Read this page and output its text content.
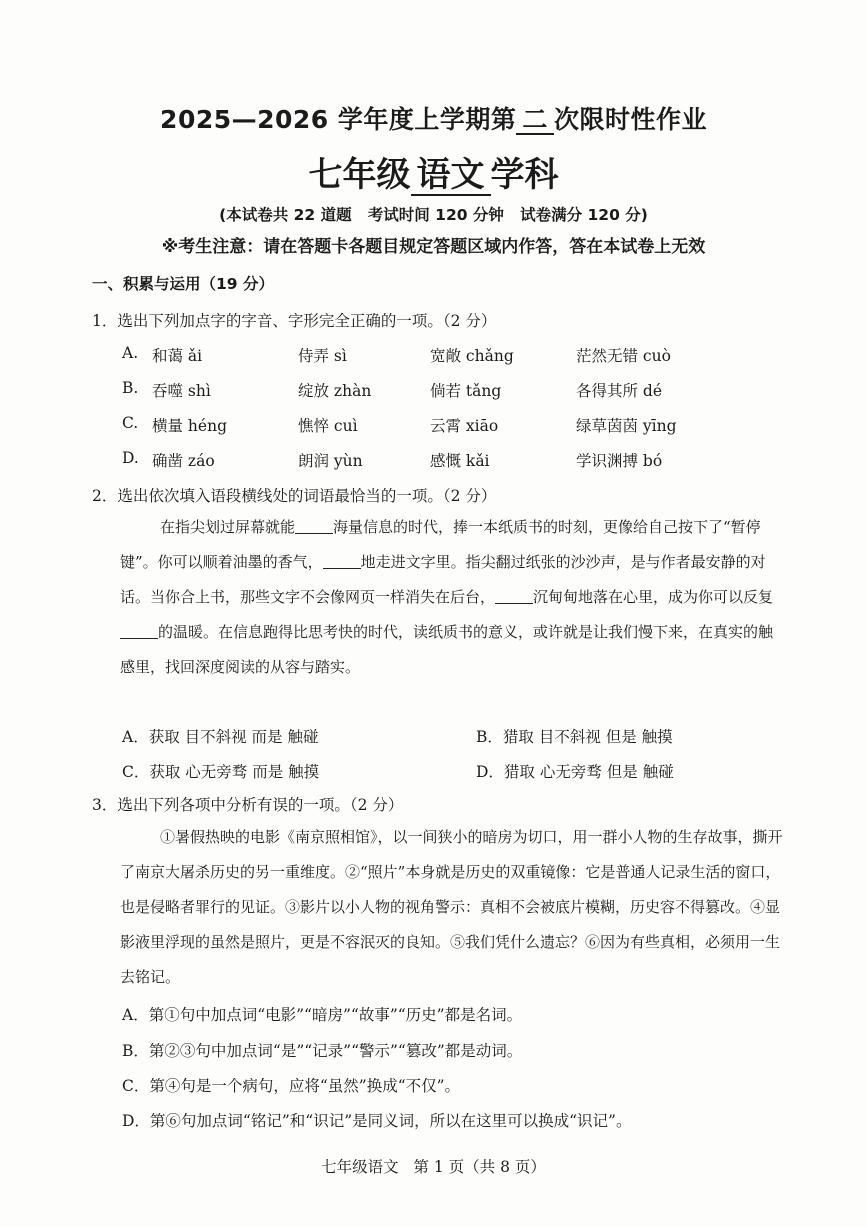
2025—2026 学年度上学期第 二 次限时性作业
七年级 语文 学科
(本试卷共 22 道题   考试时间 120 分钟   试卷满分 120 分)
※考生注意：请在答题卡各题目规定答题区域内作答，答在本试卷上无效
一、积累与运用（19 分）
1．选出下列加点字的字音、字形完全正确的一项。（2 分）
A. 和蔼 ǎi	侍弄 sì	宽敞 chǎng	茫然无错 cuò
B. 吞噬 shì	绽放 zhàn	倘若 tǎng	各得其所 dé
C. 横量 héng	憔悴 cuì	云霄 xiāo	绿草茵茵 yīng
D. 确凿 záo	朗润 yùn	感慨 kǎi	学识渊搏 bó
2．选出依次填入语段横线处的词语最恰当的一项。（2 分）
在指尖划过屏幕就能	海量信息的时代，捧一本纸质书的时刻，更像给自己按下了“暂停键”。你可以顺着油墨的香气，	地走进文字里。指尖翻过纸张的沙沙声，是与作者最安静的对话。当你合上书，那些文字不会像网页一样消失在后台，	沉甸甸地落在心里，成为你可以反复的温暖。在信息跑得比思考快的时代，读纸质书的意义，或许就是让我们慢下来，在真实的触感里，找回深度阅读的从容与踏实。
A．获取 目不斜视 而是 触碰	B．猎取 目不斜视 但是 触摸
C．获取 心无旁骛 而是 触摸	D．猎取 心无旁骛 但是 触碰
3．选出下列各项中分析有误的一项。（2 分）
①暑假热映的电影《南京照相馆》，以一间狭小的暗房为切口，用一群小人物的生存故事，撕开了南京大屠杀历史的另一重维度。②“照片”本身就是历史的双重镜像：它是普通人记录生活的窗口，也是侵略者罪行的见证。③影片以小人物的视角警示：真相不会被底片模糊，历史容不得篡改。④显影液里浮现的虽然是照片，更是不容泯灭的良知。⑤我们凭什么遗忘？⑥因为有些真相，必须用一生去铭记。
A．第①句中加点词“电影”“暗房”“故事”“历史”都是名词。
B．第②③句中加点词“是”“记录”“警示”“篡改”都是动词。
C．第④句是一个病句，应将“虽然”换成“不仅”。
D．第⑥句加点词“铭记”和“识记”是同义词，所以在这里可以换成“识记”。
七年级语文   第 1 页（共 8 页）
